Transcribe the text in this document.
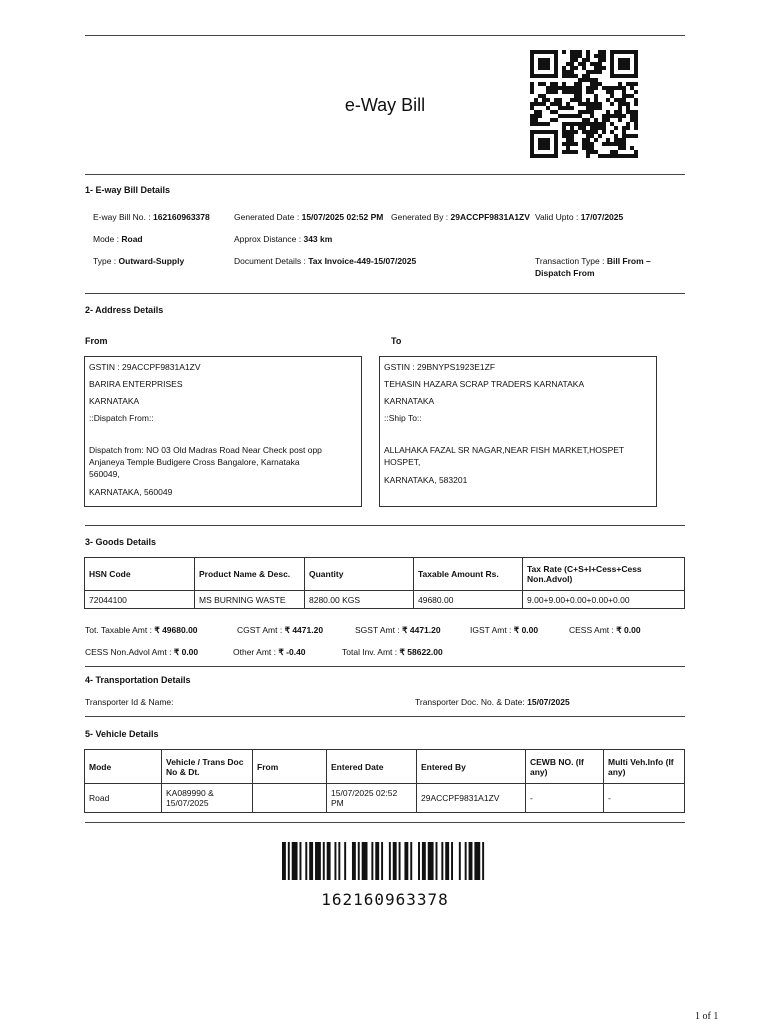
e-Way Bill
1- E-way Bill Details
E-way Bill No. : 162160963378	Generated Date : 15/07/2025 02:52 PM Generated By : 29ACCPF9831A1ZV Valid Upto : 17/07/2025
Mode : Road	Approx Distance : 343 km
Type : Outward-Supply	Document Details : Tax Invoice-449-15/07/2025	Transaction Type : Bill From –
Dispatch From
2- Address Details
From	To
GSTIN : 29ACCPF9831A1ZV
BARIRA ENTERPRISES
KARNATAKA
::Dispatch From::
Dispatch from: NO 03 Old Madras Road Near Check post opp
Anjaneya Temple Budigere Cross Bangalore, Karnataka
560049,
KARNATAKA, 560049
GSTIN : 29BNYPS1923E1ZF
TEHASIN HAZARA SCRAP TRADERS KARNATAKA
KARNATAKA
::Ship To::
ALLAHAKA FAZAL SR NAGAR,NEAR FISH MARKET,HOSPET
HOSPET,
KARNATAKA, 583201
3- Goods Details
HSN Code	Product Name & Desc.	Quantity	Taxable Amount Rs.	Tax Rate (C+S+I+Cess+Cess Non.Advol)
72044100	MS BURNING WASTE	8280.00 KGS	49680.00	9.00+9.00+0.00+0.00+0.00
Tot. Taxable Amt : ₹ 49680.00	CGST Amt : ₹ 4471.20	SGST Amt : ₹ 4471.20	IGST Amt : ₹ 0.00	CESS Amt : ₹ 0.00
CESS Non.Advol Amt : ₹ 0.00	Other Amt : ₹ -0.40	Total Inv. Amt : ₹ 58622.00
4- Transportation Details
Transporter Id & Name:	Transporter Doc. No. & Date: 15/07/2025
5- Vehicle Details
Mode	Vehicle / Trans Doc No & Dt.	From	Entered Date	Entered By	CEWB NO. (If any)	Multi Veh.Info (If any)
Road	KA089990 & 15/07/2025		15/07/2025 02:52 PM	29ACCPF9831A1ZV	-	-
162160963378
1 of 1
